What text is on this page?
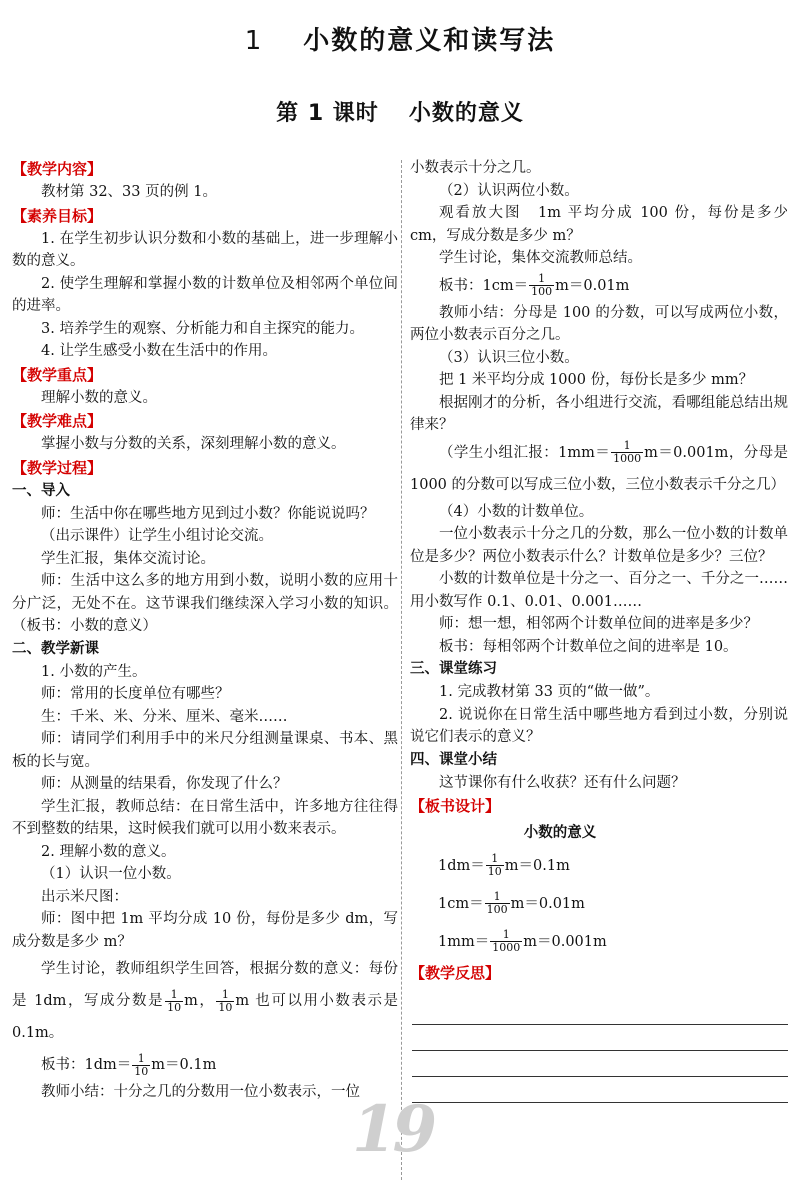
1 小数的意义和读写法
第 1 课时 小数的意义

【教学内容】

教材第 32、33 页的例 1。

【素养目标】

1. 在学生初步认识分数和小数的基础上，进一步理解小数的意义。

2. 使学生理解和掌握小数的计数单位及相邻两个单位间的进率。

3. 培养学生的观察、分析能力和自主探究的能力。

4. 让学生感受小数在生活中的作用。

【教学重点】

理解小数的意义。

【教学难点】

掌握小数与分数的关系，深刻理解小数的意义。

【教学过程】

一、导入

师：生活中你在哪些地方见到过小数？你能说说吗？

（出示课件）让学生小组讨论交流。

学生汇报，集体交流讨论。

师：生活中这么多的地方用到小数，说明小数的应用十分广泛，无处不在。这节课我们继续深入学习小数的知识。（板书：小数的意义）

二、教学新课

1. 小数的产生。

师：常用的长度单位有哪些？

生：千米、米、分米、厘米、毫米……

师：请同学们利用手中的米尺分组测量课桌、书本、黑板的长与宽。

师：从测量的结果看，你发现了什么？

学生汇报，教师总结：在日常生活中，许多地方往往得不到整数的结果，这时候我们就可以用小数来表示。

2. 理解小数的意义。

（1）认识一位小数。

出示米尺图：

师：图中把 1m 平均分成 10 份，每份是多少 dm，写成分数是多少 m？

学生讨论，教师组织学生回答，根据分数的意义：每份是 1dm，写成分数是 $\frac{1}{10}$ m， $\frac{1}{10}$ m 也可以用小数表示是 0.1m。

板书：$1dm= \frac{1}{10} m=0.1m$

教师小结：十分之几的分数用一位小数表示，一位

小数表示十分之几。

（2）认识两位小数。

观看放大图　1m 平均分成 100 份，每份是多少 cm，写成分数是多少 m？

学生讨论，集体交流教师总结。

板书：$1cm= \frac{1}{100} m=0.01m$

教师小结：分母是 100 的分数，可以写成两位小数，两位小数表示百分之几。

（3）认识三位小数。

把 1 米平均分成 1000 份，每份长是多少 mm？

根据刚才的分析，各小组进行交流，看哪组能总结出规律来？

（学生小组汇报：$1mm= \frac{1}{1000} m=0.001m$，分母是 1000 的分数可以写成三位小数，三位小数表示千分之几）

（4）小数的计数单位。

一位小数表示十分之几的分数，那么一位小数的计数单位是多少？两位小数表示什么？计数单位是多少？三位？

小数的计数单位是十分之一、百分之一、千分之一……用小数写作 0.1、0.01、0.001……

师：想一想，相邻两个计数单位间的进率是多少？

板书：每相邻两个计数单位之间的进率是 10。

三、课堂练习

1. 完成教材第 33 页的“做一做”。

2. 说说你在日常生活中哪些地方看到过小数，分别说说它们表示的意义？

四、课堂小结

这节课你有什么收获？还有什么问题？

【板书设计】

小数的意义

$1dm= \frac{1}{10} m=0.1m$

$1cm= \frac{1}{100} m=0.01m$

$1mm= \frac{1}{1000} m=0.001m$

【教学反思】

19
